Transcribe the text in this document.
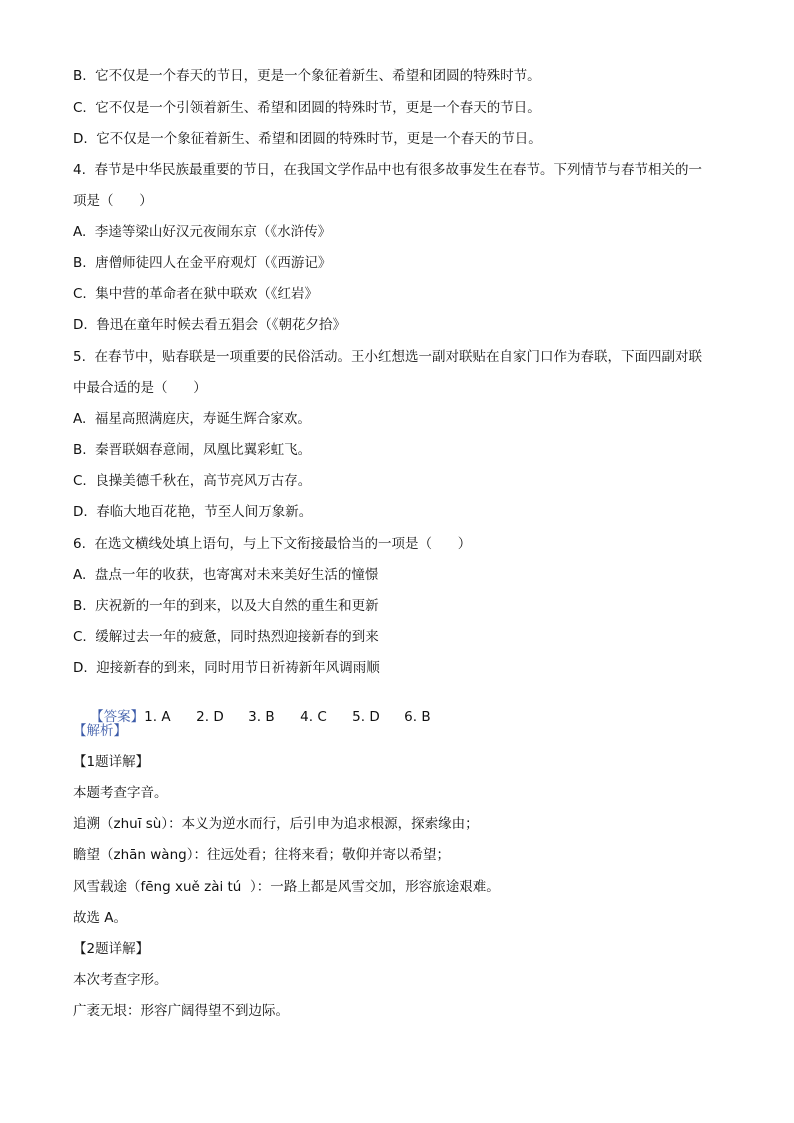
B.  它不仅是一个春天的节日，更是一个象征着新生、希望和团圆的特殊时节。
C.  它不仅是一个引领着新生、希望和团圆的特殊时节，更是一个春天的节日。
D.  它不仅是一个象征着新生、希望和团圆的特殊时节，更是一个春天的节日。
4.  春节是中华民族最重要的节日，在我国文学作品中也有很多故事发生在春节。下列情节与春节相关的一
项是（      ）
A.  李逵等梁山好汉元夜闹东京（《水浒传》
B.  唐僧师徒四人在金平府观灯（《西游记》
C.  集中营的革命者在狱中联欢（《红岩》
D.  鲁迅在童年时候去看五猖会（《朝花夕拾》
5.  在春节中，贴春联是一项重要的民俗活动。王小红想选一副对联贴在自家门口作为春联，下面四副对联
中最合适的是（      ）
A.  福星高照满庭庆，寿诞生辉合家欢。
B.  秦晋联姻春意闹，凤凰比翼彩虹飞。
C.  良操美德千秋在，高节亮风万古存。
D.  春临大地百花艳，节至人间万象新。
6.  在选文横线处填上语句，与上下文衔接最恰当的一项是（      ）
A.  盘点一年的收获，也寄寓对未来美好生活的憧憬
B.  庆祝新的一年的到来，以及大自然的重生和更新
C.  缓解过去一年的疲惫，同时热烈迎接新春的到来
D.  迎接新春的到来，同时用节日祈祷新年风调雨顺

【答案】1. A 2. D 3. B 4. C 5. D 6. B

【解析】
【1题详解】
本题考查字音。
追溯（zhuī sù）：本义为逆水而行，后引申为追求根源，探索缘由；
瞻望（zhān wàng）：往远处看；往将来看；敬仰并寄以希望；
风雪载途（fēng xuě zài tú  ）：一路上都是风雪交加，形容旅途艰难。
故选 A。
【2题详解】
本次考查字形。
广袤无垠：形容广阔得望不到边际。
